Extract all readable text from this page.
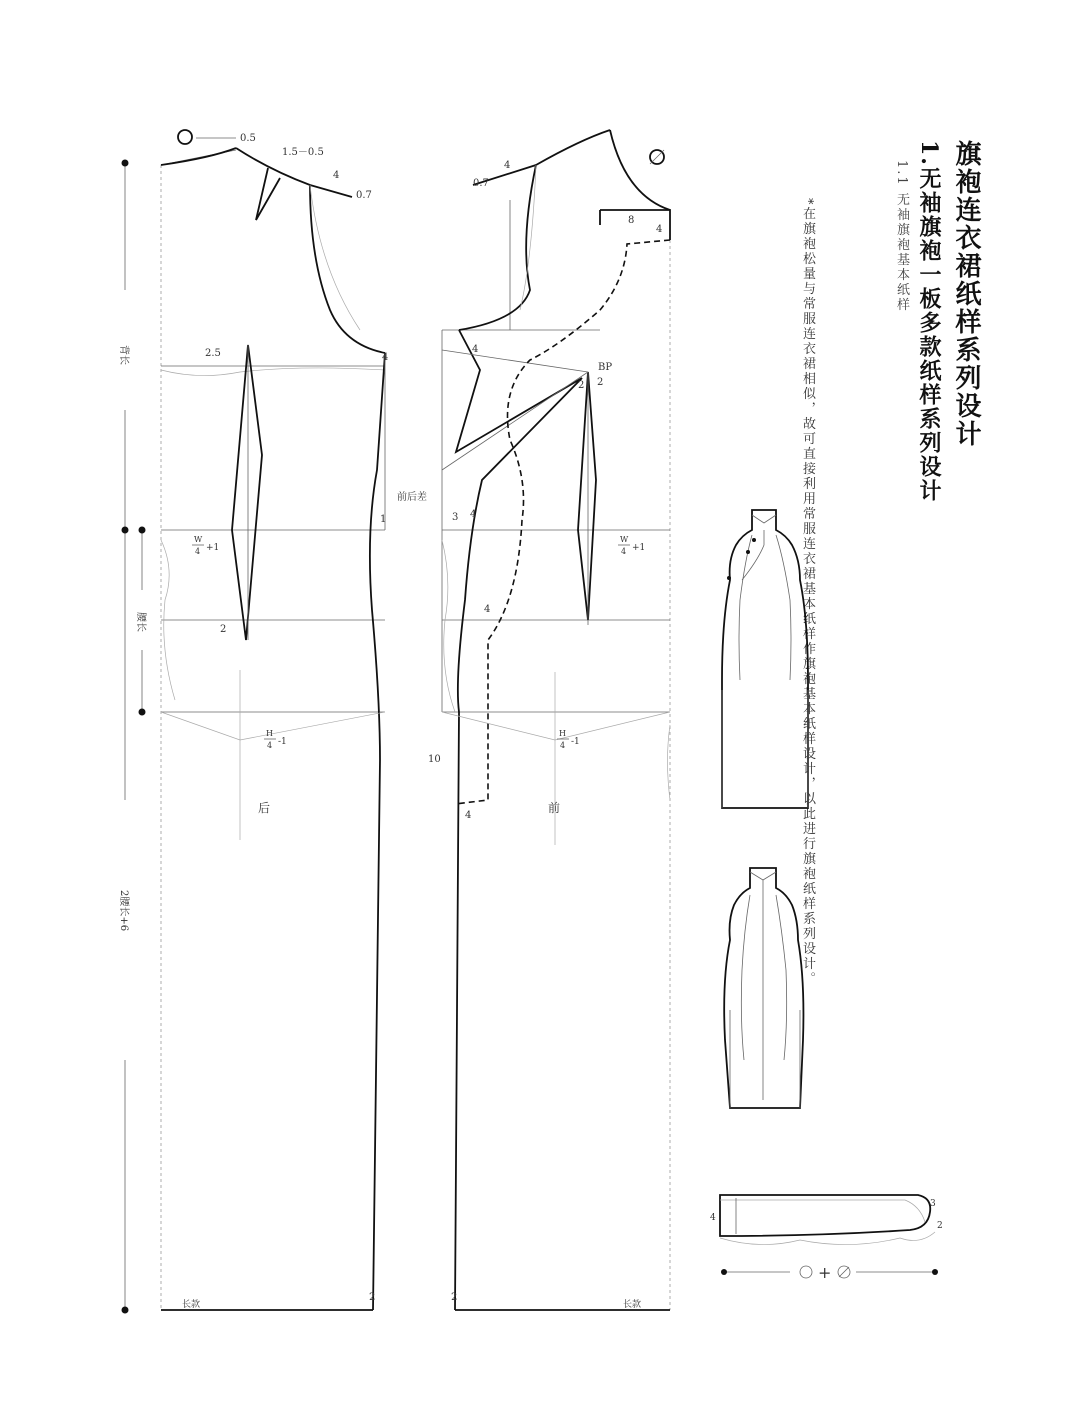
旗袍连衣裙纸样系列设计
1.无袖旗袍一板多款纸样系列设计
1.1 无袖旗袍基本纸样
*在旗袍松量与常服连衣裙相似，故可直接利用常服连衣裙基本纸样作旗袍基本纸样设计，以此进行旗袍纸样系列设计。
背长
腰长
2腰长+6
0.5
1.5－0.5
4
0.7
4
2.5
2
1
2
前后差
W
4 +1
H
4 -1
后
长款
4
0.7
8
4
4
BP
2 2
3 4
4
10
4
2
W
4 +1
H
4 -1
前
长款
4
3
2
+
